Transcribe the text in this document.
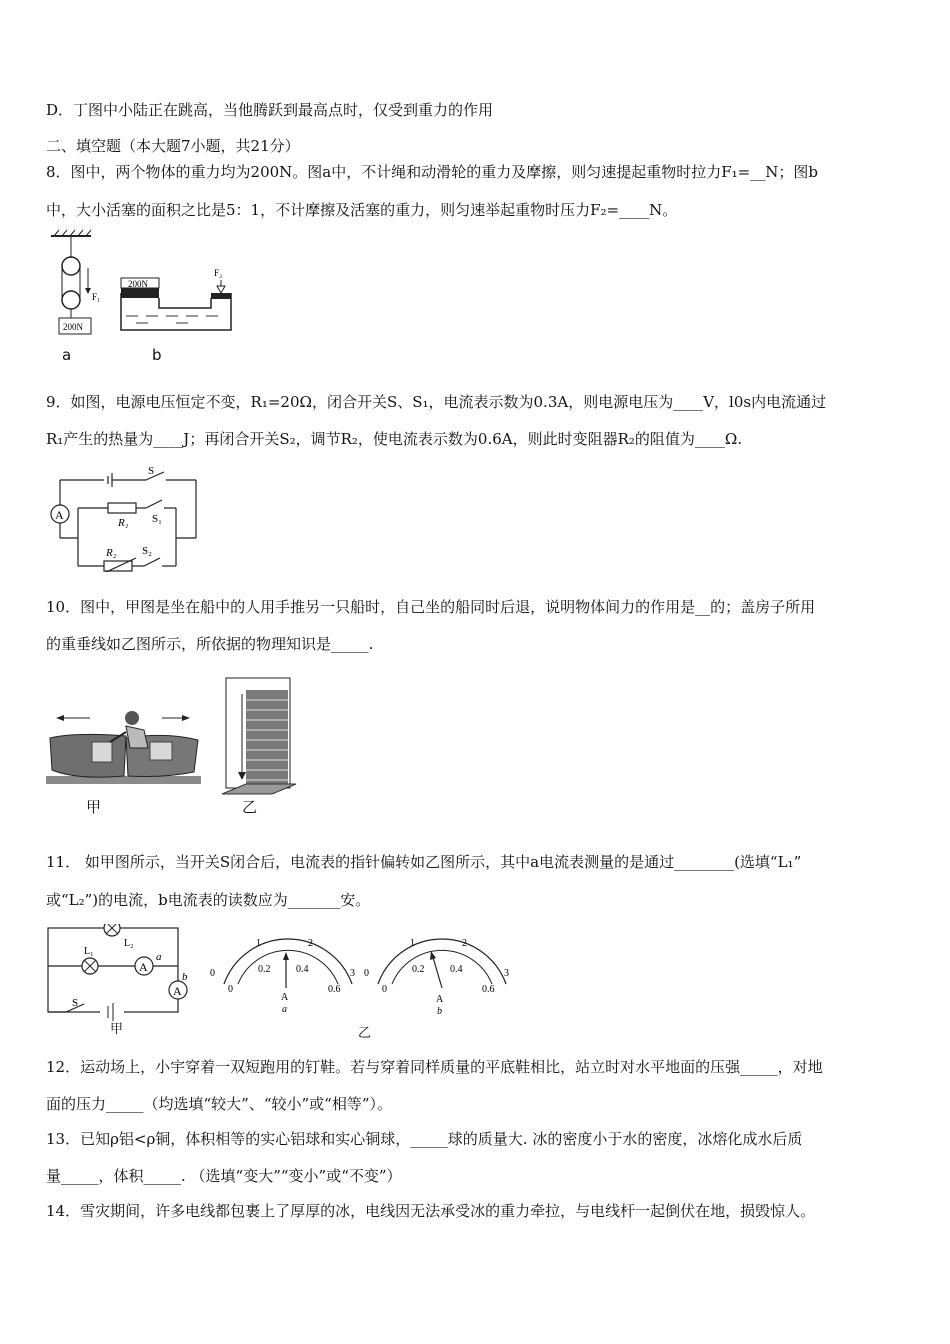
D．丁图中小陆正在跳高，当他腾跃到最高点时，仅受到重力的作用
二、填空题（本大题7小题，共21分）
8．图中，两个物体的重力均为200N。图a中，不计绳和动滑轮的重力及摩擦，则匀速提起重物时拉力F₁=__N；图b
中，大小活塞的面积之比是5：1，不计摩擦及活塞的重力，则匀速举起重物时压力F₂=____N。
F₁
200N
200N
F₂
a	b
9．如图，电源电压恒定不变，R₁=20Ω，闭合开关S、S₁，电流表示数为0.3A，则电源电压为____V，l0s内电流通过
R₁产生的热量为____J；再闭合开关S₂，调节R₂，使电流表示数为0.6A，则此时变阻器R₂的阻值为____Ω.
A
S
S₁
R₁
R₂ S₂
10．图中，甲图是坐在船中的人用手推另一只船时，自己坐的船同时后退，说明物体间力的作用是__的；盖房子所用
的重垂线如乙图所示，所依据的物理知识是_____.
甲	乙
11． 如甲图所示，当开关S闭合后，电流表的指针偏转如乙图所示，其中a电流表测量的是通过________(选填“L₁”
或“L₂”)的电流，b电流表的读数应为_______安。
L₂
L₁
A
a
A
b
S
0
1	2
3
0
0.2	0.4
0.6
A
a
0
1	2
3
0
0.2	0.4
0.6
A
b
甲	乙
12．运动场上，小宇穿着一双短跑用的钉鞋。若与穿着同样质量的平底鞋相比，站立时对水平地面的压强_____，对地
面的压力_____（均选填“较大”、“较小”或“相等”）。
13．已知ρ铝<ρ铜，体积相等的实心铝球和实心铜球，_____球的质量大. 冰的密度小于水的密度，冰熔化成水后质
量_____，体积_____. （选填“变大”“变小”或“不变”）
14．雪灾期间，许多电线都包裹上了厚厚的冰，电线因无法承受冰的重力牵拉，与电线杆一起倒伏在地，损毁惊人。
